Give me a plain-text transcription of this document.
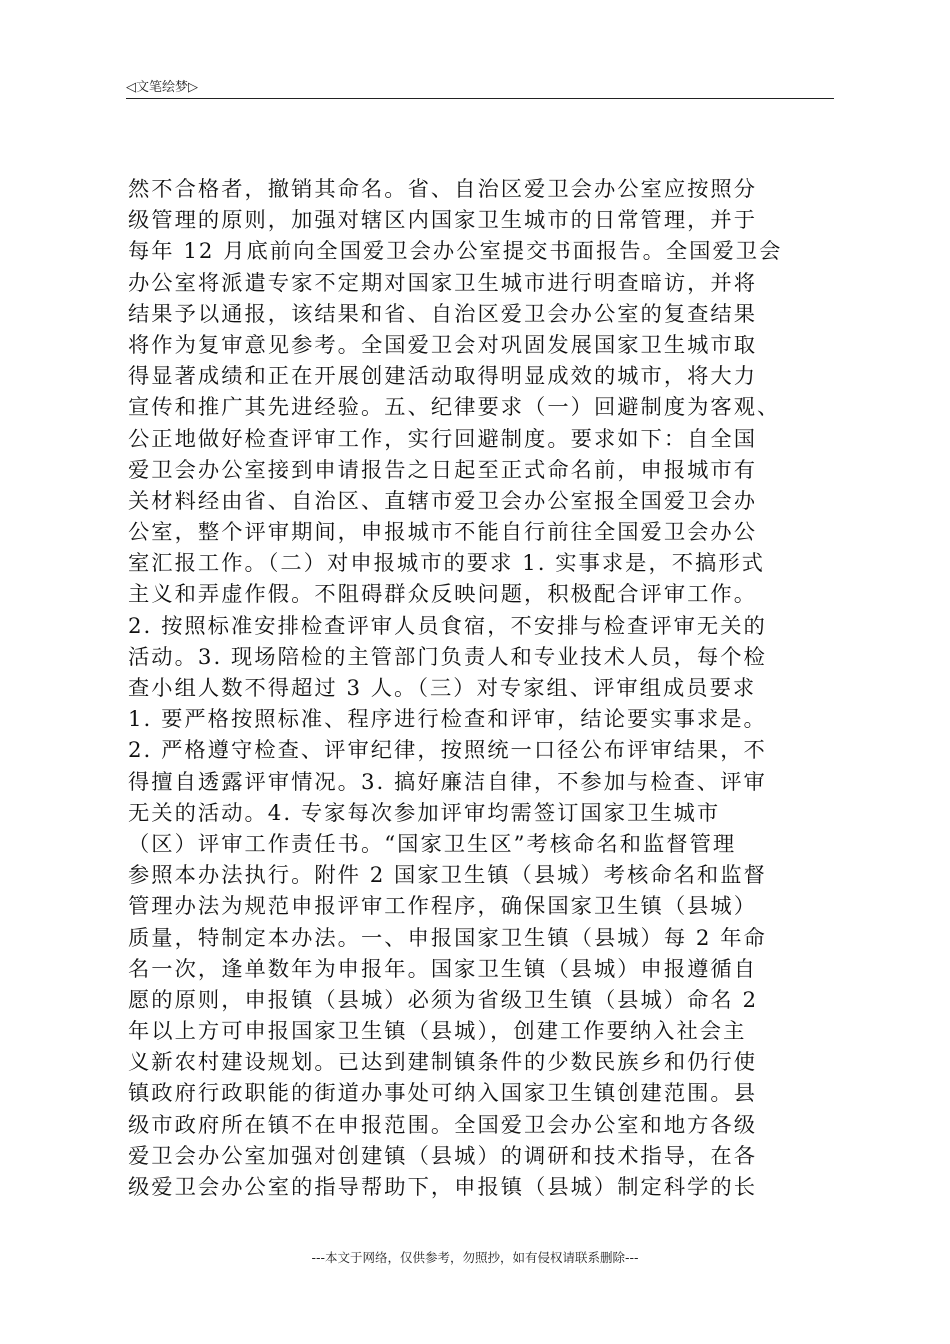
◁文笔绘梦▷
然不合格者，撤销其命名。省、自治区爱卫会办公室应按照分
级管理的原则，加强对辖区内国家卫生城市的日常管理，并于
每年 12 月底前向全国爱卫会办公室提交书面报告。全国爱卫会
办公室将派遣专家不定期对国家卫生城市进行明查暗访，并将
结果予以通报，该结果和省、自治区爱卫会办公室的复查结果
将作为复审意见参考。全国爱卫会对巩固发展国家卫生城市取
得显著成绩和正在开展创建活动取得明显成效的城市，将大力
宣传和推广其先进经验。五、纪律要求（一）回避制度为客观、
公正地做好检查评审工作，实行回避制度。要求如下：自全国
爱卫会办公室接到申请报告之日起至正式命名前，申报城市有
关材料经由省、自治区、直辖市爱卫会办公室报全国爱卫会办
公室，整个评审期间，申报城市不能自行前往全国爱卫会办公
室汇报工作。（二）对申报城市的要求 1. 实事求是，不搞形式
主义和弄虚作假。不阻碍群众反映问题，积极配合评审工作。
2. 按照标准安排检查评审人员食宿，不安排与检查评审无关的
活动。3. 现场陪检的主管部门负责人和专业技术人员，每个检
查小组人数不得超过 3 人。（三）对专家组、评审组成员要求
1. 要严格按照标准、程序进行检查和评审，结论要实事求是。
2. 严格遵守检查、评审纪律，按照统一口径公布评审结果，不
得擅自透露评审情况。3. 搞好廉洁自律，不参加与检查、评审
无关的活动。4. 专家每次参加评审均需签订国家卫生城市
（区）评审工作责任书。“国家卫生区”考核命名和监督管理
参照本办法执行。附件 2 国家卫生镇（县城）考核命名和监督
管理办法为规范申报评审工作程序，确保国家卫生镇（县城）
质量，特制定本办法。一、申报国家卫生镇（县城）每 2 年命
名一次，逢单数年为申报年。国家卫生镇（县城）申报遵循自
愿的原则，申报镇（县城）必须为省级卫生镇（县城）命名 2
年以上方可申报国家卫生镇（县城），创建工作要纳入社会主
义新农村建设规划。已达到建制镇条件的少数民族乡和仍行使
镇政府行政职能的街道办事处可纳入国家卫生镇创建范围。县
级市政府所在镇不在申报范围。全国爱卫会办公室和地方各级
爱卫会办公室加强对创建镇（县城）的调研和技术指导，在各
级爱卫会办公室的指导帮助下，申报镇（县城）制定科学的长
---本文于网络，仅供参考，勿照抄，如有侵权请联系删除---
